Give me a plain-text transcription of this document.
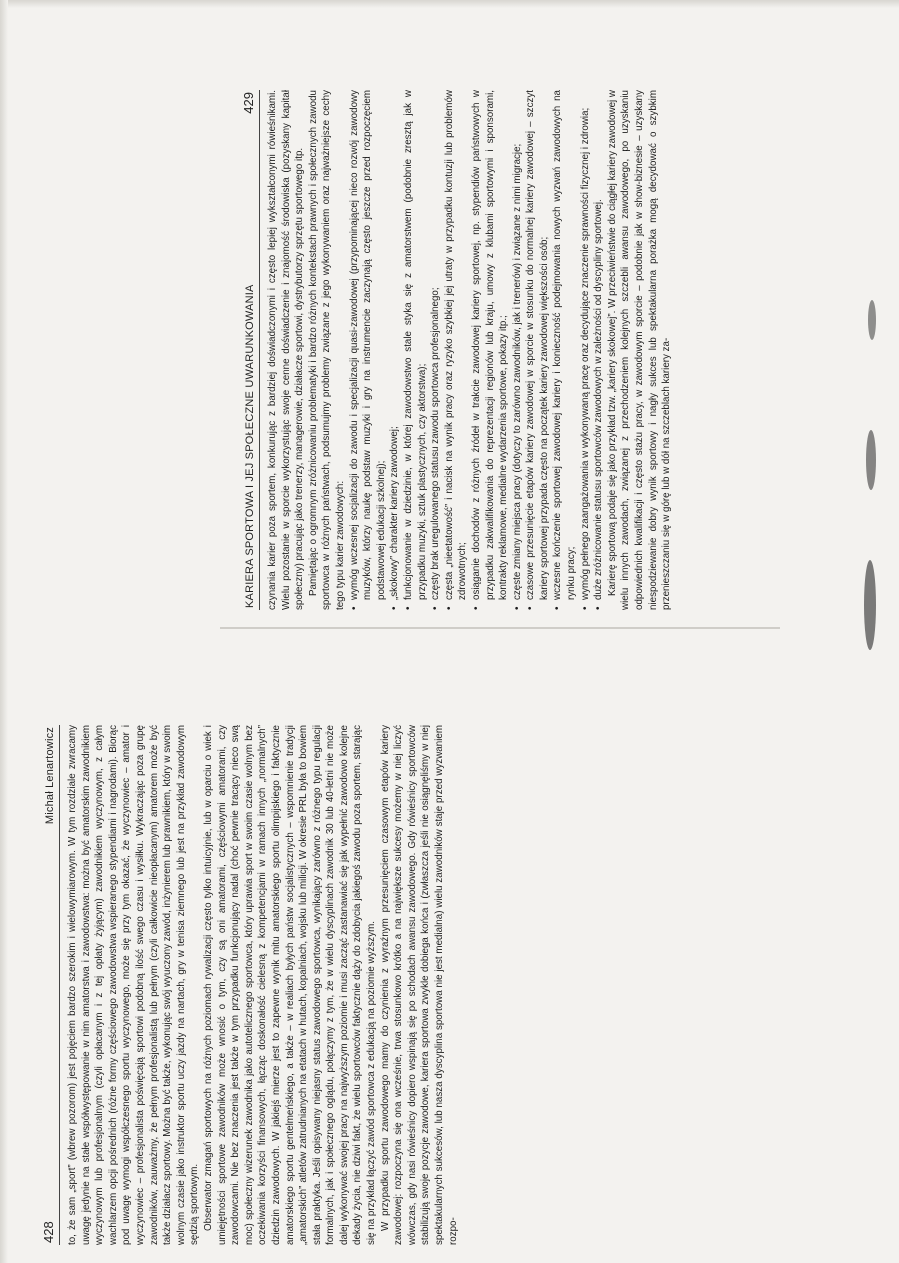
428
Michał Lenartowicz to, że sam „sport” (wbrew pozorom) jest pojęciem bardzo szerokim i wielowymiarowym. W tym rozdziale zwracamy uwagę jedynie na stałe współwystępowanie w nim amatorstwa i zawodowstwa: można być amatorskim zawodnikiem wyczynowym lub profesjonalnym (czyli opłacanym i z tej opłaty żyjącym) zawodnikiem wyczynowym, z całym wachlarzem opcji pośrednich (różne formy częściowego zawodowstwa wspieranego stypendiami i nagrodami). Biorąc pod uwagę wymogi współczesnego sportu wyczynowego, może się przy tym okazać, że wyczynowiec – amator i wyczynowiec – profesjonalista poświęcają sportowi podobną ilość swego czasu i wysiłku. Wykraczając poza grupę zawodników, zauważmy, że pełnym profesjonalistą lub pełnym (czyli całkowicie nieopłacanym) amatorem może być także działacz sportowy. Można być także, wykonując swój wyuczony zawód, inżynierem lub prawnikiem, który w swoim wolnym czasie jako instruktor sportu uczy jazdy na nartach, gry w tenisa ziemnego lub jest na przykład zawodowym sędzią sportowym. Obserwator zmagań sportowych na różnych poziomach rywalizacji często tylko intuicyjnie, lub w oparciu o wiek i umiejętności sportowe zawodników może wnosić o tym, czy są oni amatorami, częściowymi amatorami, czy zawodowcami. Nie bez znaczenia jest także w tym przypadku funkcjonujący nadal (choć pewnie tracący nieco swą moc) społeczny wizerunek zawodnika jako autotelicznego sportowca, który uprawia sport w swoim czasie wolnym bez oczekiwania korzyści finansowych, łącząc doskonałość cielesną z kompetencjami w ramach innych „normalnych” dziedzin zawodowych. W jakiejś mierze jest to zapewne wynik mitu amatorskiego sportu olimpijskiego i faktycznie amatorskiego sportu gentelmeńskiego, a także – w realiach byłych państw socjalistycznych – wspomnienie tradycji „amatorskich” atletów zatrudnianych na etatach w hutach, kopalniach, wojsku lub milicji. W okresie PRL była to bowiem stała praktyka. Jeśli opisywany niejasny status zawodowego sportowca, wynikający zarówno z różnego typu regulacji formalnych, jak i społecznego oglądu, połączymy z tym, że w wielu dyscyplinach zawodnik 30 lub 40-letni nie może dalej wykonywać swojej pracy na najwyższym poziomie i musi zacząć zastanawiać się jak wypełnić zawodowo kolejne dekady życia, nie dziwi fakt, że wielu sportowców faktycznie dąży do zdobycia jakiegoś zawodu poza sportem, starając się na przykład łączyć zawód sportowca z edukacją na poziomie wyższym. W przypadku sportu zawodowego mamy do czynienia z wyraźnym przesunięciem czasowym etapów kariery zawodowej: rozpoczyna się ona wcześnie, trwa stosunkowo krótko a na największe sukcesy możemy w niej liczyć wówczas, gdy nasi rówieśnicy dopiero wspinają się po schodach awansu zawodowego. Gdy rówieśnicy sportowców stabilizują swoje pozycje zawodowe, kariera sportowa zwykle dobiega końca i (zwłaszcza jeśli nie osiągnęliśmy w niej spektakularnych sukcesów, lub nasza dyscyplina sportowa nie jest medialna) wielu zawodników staje przed wyzwaniem rozpo-

KARIERA SPORTOWA I JEJ SPOŁECZNE UWARUNKOWANIA
429 czynania karier poza sportem, konkurując z bardziej doświadczonymi i często lepiej wykształconymi rówieśnikami. Wielu pozostanie w sporcie wykorzystując swoje cenne doświadczenie i znajomość środowiska (pozyskany kapitał społeczny) pracując jako trenerzy, managerowie, działacze sportowi, dystrybutorzy sprzętu sportowego itp. Pamiętając o ogromnym zróżnicowaniu problematyki i bardzo różnych kontekstach prawnych i społecznych zawodu sportowca w różnych państwach, podsumujmy problemy związane z jego wykonywaniem oraz najważniejsze cechy tego typu karier zawodowych: • wymóg wczesnej socjalizacji do zawodu i specjalizacji quasi-zawodowej (przypominającej nieco rozwój zawodowy muzyków, którzy naukę podstaw muzyki i gry na instrumencie zaczynają często jeszcze przed rozpoczęciem podstawowej edukacji szkolnej); • „skokowy” charakter kariery zawodowej; • funkcjonowanie w dziedzinie, w której zawodowstwo stale styka się z amatorstwem (podobnie zresztą jak w przypadku muzyki, sztuk plastycznych, czy aktorstwa); • częsty brak uregulowanego statusu zawodu sportowca profesjonalnego; • częsta „nieetatowość” i nacisk na wynik pracy oraz ryzyko szybkiej jej utraty w przypadku kontuzji lub problemów zdrowotnych; • osiąganie dochodów z różnych źródeł w trakcie zawodowej kariery sportowej, np. stypendiów państwowych w przypadku zakwalifikowania do reprezentacji regionów lub kraju, umowy z klubami sportowymi i sponsorami, kontrakty reklamowe, medialne wydarzenia sportowe, pokazy itp.; • częste zmiany miejsca pracy (dotyczy to zarówno zawodników, jak i trenerów) i związane z nimi migracje; • czasowe przesunięcie etapów kariery zawodowej w sporcie w stosunku do normalnej kariery zawodowej – szczyt kariery sportowej przypada często na początek kariery zawodowej większości osób; • wczesne kończenie sportowej zawodowej kariery i konieczność podejmowania nowych wyzwań zawodowych na rynku pracy; • wymóg pełnego zaangażowania w wykonywaną pracę oraz decydujące znaczenie sprawności fizycznej i zdrowia; • duże zróżnicowanie statusu sportowców zawodowych w zależności od dyscypliny sportowej. Karierę sportową podaje się jako przykład tzw. „kariery skokowej”. W przeciwieństwie do ciągłej kariery zawodowej w wielu innych zawodach, związanej z przechodzeniem kolejnych szczebli awansu zawodowego, po uzyskaniu odpowiednich kwalifikacji i często stażu pracy, w zawodowym sporcie – podobnie jak w show-biznesie – uzyskany niespodziewanie dobry wynik sportowy i nagły sukces lub spektakularna porażka mogą decydować o szybkim przenieszczaniu się w górę lub w dół na szczeblach kariery za-
